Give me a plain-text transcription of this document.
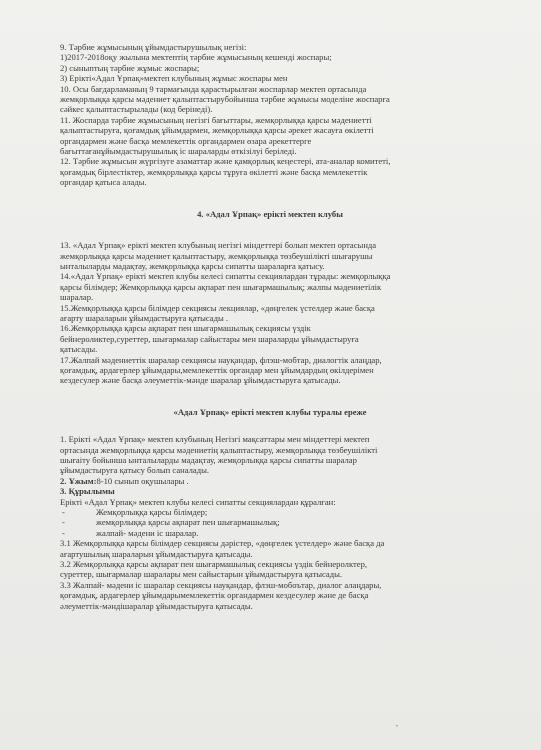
9. Тәрбие жұмысының ұйымдастырушылық негізі:

1)2017-2018оқу жылына мектептің тәрбие жұмысының кешенді жоспары;

2) сыныптың тәрбие жұмыс жоспары;

3) Ерікті«Адал Ұрпақ»мектеп клубының жұмыс жоспары мен

10. Осы бағдарламаның 9 тармағында қарастырылған жоспарлар мектеп ортасында

жемқорлыққа қарсы мәдениет қалыптастырубойынша тәрбие жұмысы моделіне жоспарға

сәйкес қалыптастырылады (код берінеді).

11. Жоспарда тәрбие жұмысының негізгі бағыттары, жемқорлыққа қарсы мәдениетті

қалыптастыруға, қоғамдық ұйымдармен, жемқорлыққа қарсы әрекет жасауға өкілетті

органдармен және басқа мемлекеттік органдармен өзара әрекеттерге

бағыттағанұйымдастырушылық іс шараларды өткізілуі беріледі.

12. Тәрбие жұмысын жүргізуге азаматтар және қамқорлық кеңестері, ата-аналар комитеті,

қоғамдық бірлестіктер, жемқорлыққа қарсы тұруға өкілетті және басқа мемлекеттік

органдар қатыса алады.

4. «Адал Ұрпақ» ерікті мектеп клубы

13. «Адал Ұрпақ» ерікті мектеп клубының негізгі міндеттері болып мектеп ортасында

жемқорлыққа қарсы мәдениет қалыптастыру, жемқорлыққа төзбеушілікті шығарушы

ынталыларды мадақтау, жемқорлыққа қарсы сипатты шараларға қатысу.

14.«Адал Ұрпақ» ерікті мектеп клубы келесі сипатты секциялардан тұрады: жемқорлыққа

қарсы білімдер; Жемқорлыққа қарсы ақпарат пен шығармашылық; жалпы мәдениетілік

шаралар.

15.Жемқорлыққа қарсы білімдер секциясы лекциялар, «дөңгелек үстелдер және басқа

ағарту шараларын ұйымдастыруға қатысады .

16.Жемқорлыққа қарсы ақпарат пен шығармашылық секциясы үздік

бейнероликтер,суреттер, шығармалар сайыстары мен шараларды ұйымдастыруға

қатысады.

17.Жалпай мәдениеттік шаралар секциясы науқандар, флэш-мобтар, диалогтік алаңдар,

қоғамдық, ардагерлер ұйымдары,мемлекеттік органдар мен ұйымдардың өкілдерімен

кездесулер және басқа әлеуметтік-мәнде шаралар ұйымдастыруға қатысады.

«Адал Ұрпақ» ерікті мектеп клубы туралы ереже

1. Ерікті «Адал Ұрпақ» мектеп клубының Негізгі мақсаттары мен міндеттері мектеп

ортасында жемқорлыққа қарсы мәдениетің қалыптастыру, жемқорлыққа төзбеушілікті

шығаіту бойынша ынталыларды мадақтау, жемқорлыққа қарсы сипатты шаралар

ұйымдастыруға қатысу болып саналады.

2. Ұжым:8-10 сынып оқушылары .

3. Құрылымы

Ерікті «Адал Ұрпақ» мектеп клубы келесі сипатты секциялардан құралған:

-	Жемқорлыққа қарсы білімдер;

-	жемқорлыққа қарсы ақпарат пен шығармашылық;

-	жалпай- мәдени іс шаралар.

3.1 Жемқорлыққа қарсы білімдер секциясы дәрістер, «дөңгелек үстелдер» және басқа да

ағартушылық шараларын ұйымдастыруға қатысады.

3.2 Жемқорлыққа қарсы ақпарат пен шығармашылық секциясы үздік бейнеролктер,

суреттер, шығармалар шаралары мен сайыстарын ұйымдастыруға қатысады.

3.3 Жалпай- мәдени іс шаралар секциясы науқандар, флэш-мобоътар, диалог алаңдары,

қоғамдық, ардагерлер ұйымдарымемлекеттік органдармен кездесулер және де басқа

әлеуметтік-мәндішаралар ұйымдастыруға қатысады.

•
